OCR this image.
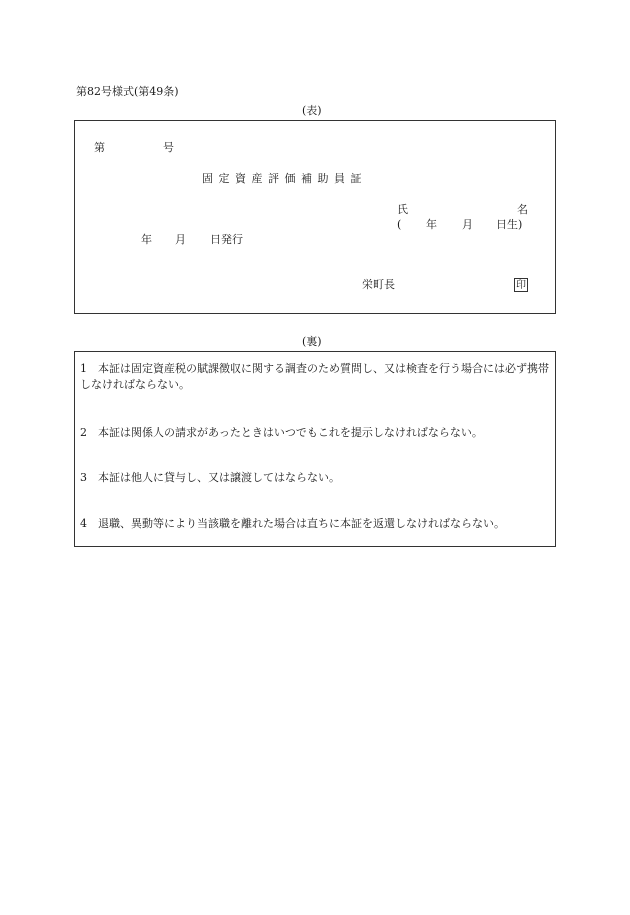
第82号様式(第49条)
(表)
第	号
固 定 資 産 評 価 補 助 員 証
氏	名
( 年 月 日生)
年 月 日発行
栄町長	印
(裏)
1　本証は固定資産税の賦課徴収に関する調査のため質問し、又は検査を行う場合には必ず携帯しなければならない。
2　本証は関係人の請求があったときはいつでもこれを提示しなければならない。
3　本証は他人に貸与し、又は譲渡してはならない。
4　退職、異動等により当該職を離れた場合は直ちに本証を返還しなければならない。
